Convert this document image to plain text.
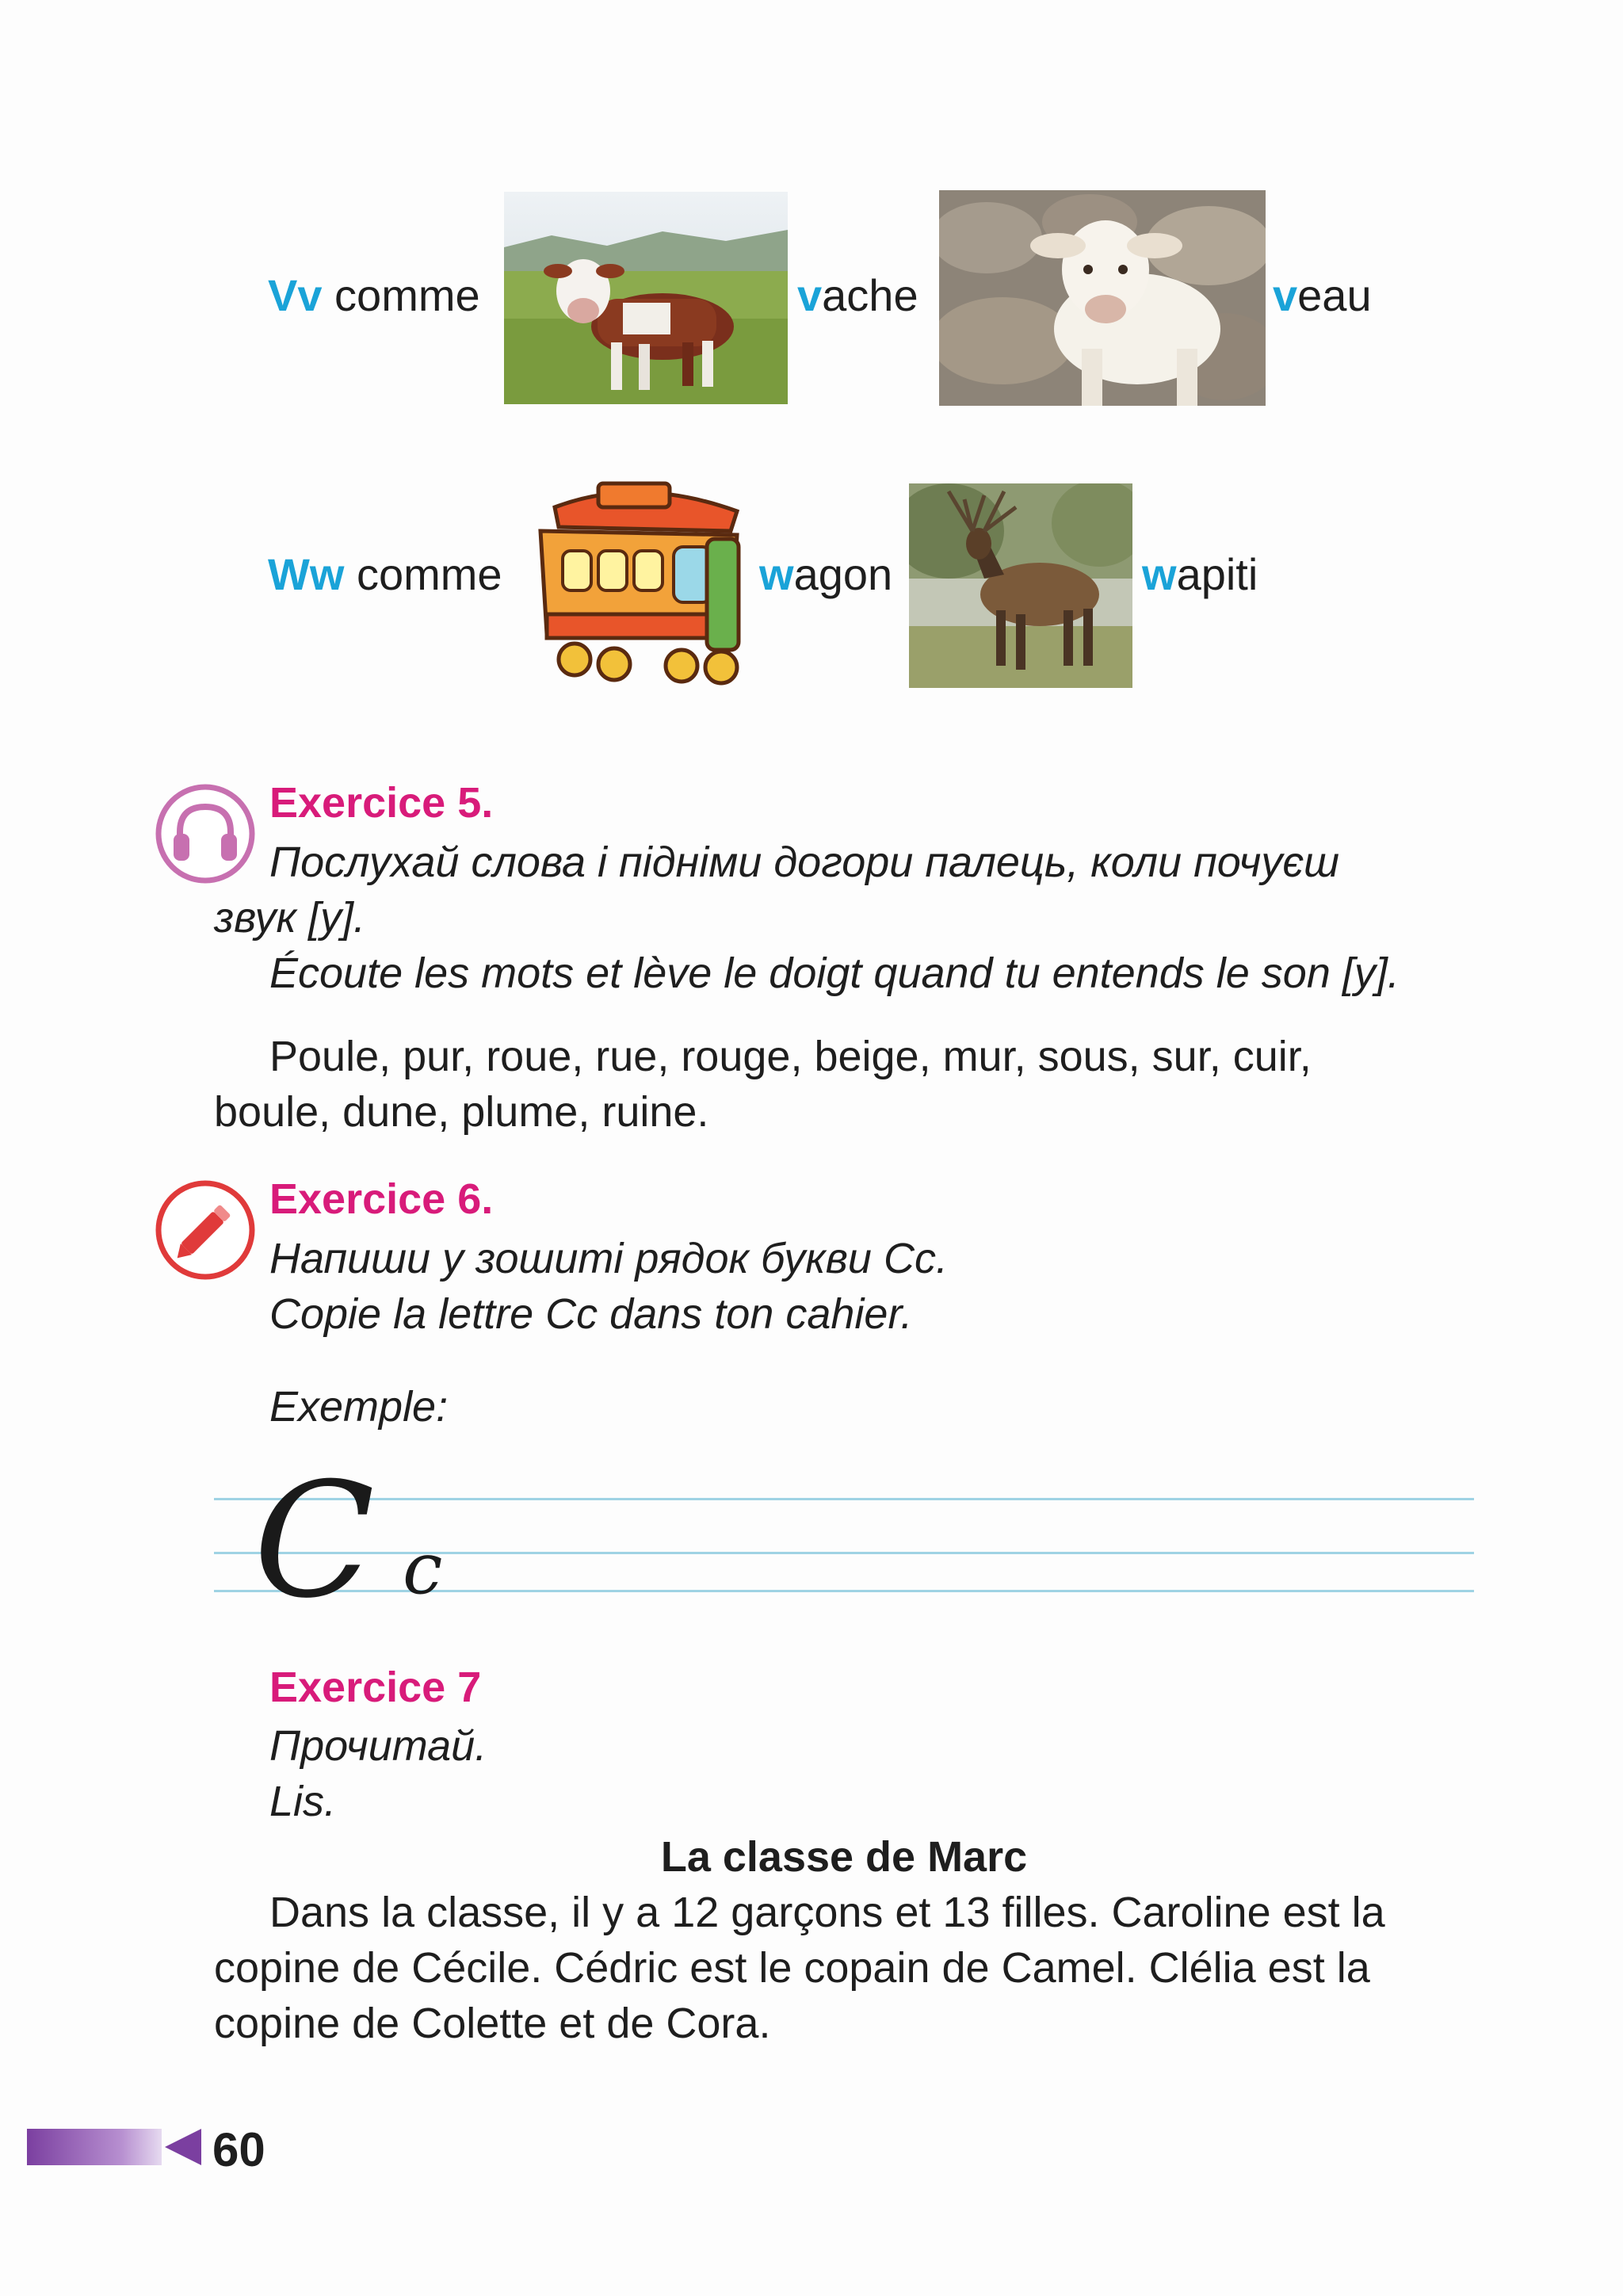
Vv comme	vache	veau
Ww comme	wagon	wapiti
Exercice 5.
Послухай слова і підніми догори палець, коли почуєш
звук [y].
Écoute les mots et lève le doigt quand tu entends le son [y].
Poule, pur, roue, rue, rouge, beige, mur, sous, sur, cuir,
boule, dune, plume, ruine.
Exercice 6.
Напиши у зошиті рядок букви Cc.
Copie la lettre Cc dans ton cahier.
Exemple:
C c
Exercice 7
Прочитай.
Lis.
La classe de Marc
Dans la classe, il y a 12 garçons et 13 filles. Caroline est la
copine de Cécile. Cédric est le copain de Camel. Clélia est la
copine de Colette et de Cora.
60
